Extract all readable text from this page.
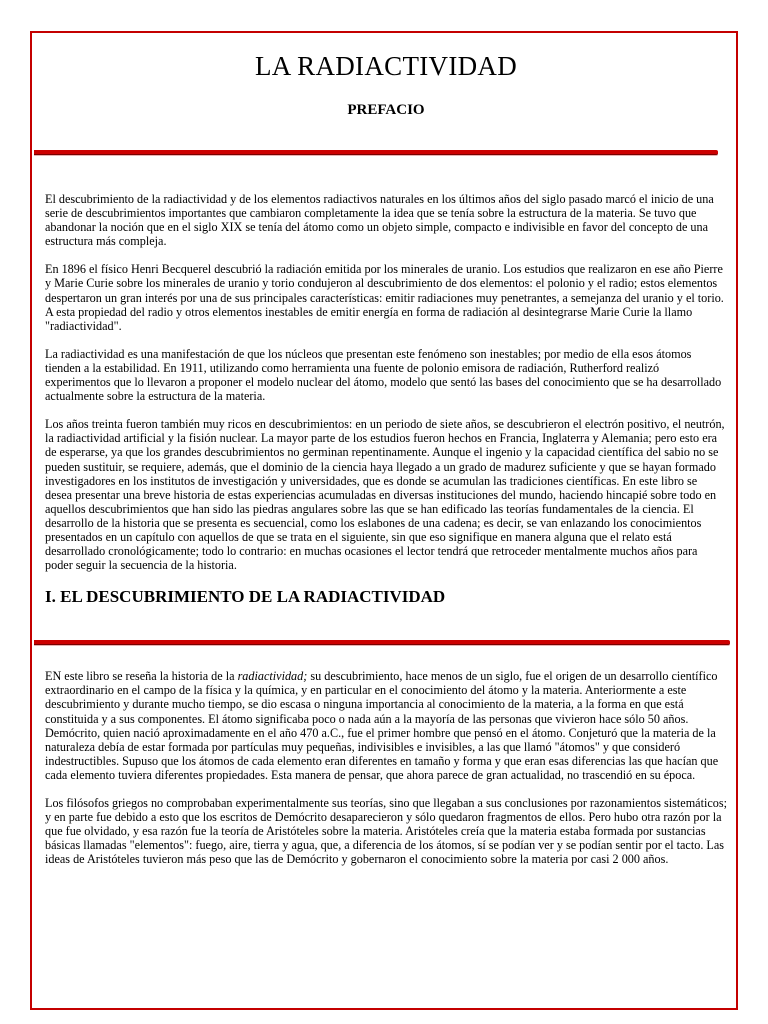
LA RADIACTIVIDAD
PREFACIO

El descubrimiento de la radiactividad y de los elementos radiactivos naturales en los últimos años del siglo pasado marcó el inicio de una serie de descubrimientos importantes que cambiaron completamente la idea que se tenía sobre la estructura de la materia. Se tuvo que abandonar la noción que en el siglo XIX se tenía del átomo como un objeto simple, compacto e indivisible en favor del concepto de una estructura más compleja.

En 1896 el físico Henri Becquerel descubrió la radiación emitida por los minerales de uranio. Los estudios que realizaron en ese año Pierre y Marie Curie sobre los minerales de uranio y torio condujeron al descubrimiento de dos elementos: el polonio y el radio; estos elementos despertaron un gran interés por una de sus principales características: emitir radiaciones muy penetrantes, a semejanza del uranio y el torio. A esta propiedad del radio y otros elementos inestables de emitir energía en forma de radiación al desintegrarse Marie Curie la llamo "radiactividad".

La radiactividad es una manifestación de que los núcleos que presentan este fenómeno son inestables; por medio de ella esos átomos tienden a la estabilidad. En 1911, utilizando como herramienta una fuente de polonio emisora de radiación, Rutherford realizó experimentos que lo llevaron a proponer el modelo nuclear del átomo, modelo que sentó las bases del conocimiento que se ha desarrollado actualmente sobre la estructura de la materia.

Los años treinta fueron también muy ricos en descubrimientos: en un periodo de siete años, se descubrieron el electrón positivo, el neutrón, la radiactividad artificial y la fisión nuclear. La mayor parte de los estudios fueron hechos en Francia, Inglaterra y Alemania; pero esto era de esperarse, ya que los grandes descubrimientos no germinan repentinamente. Aunque el ingenio y la capacidad científica del sabio no se pueden sustituir, se requiere, además, que el dominio de la ciencia haya llegado a un grado de madurez suficiente y que se hayan formado investigadores en los institutos de investigación y universidades, que es donde se acumulan las tradiciones científicas. En este libro se desea presentar una breve historia de estas experiencias acumuladas en diversas instituciones del mundo, haciendo hincapié sobre todo en aquellos descubrimientos que han sido las piedras angulares sobre las que se han edificado las teorías fundamentales de la ciencia. El desarrollo de la historia que se presenta es secuencial, como los eslabones de una cadena; es decir, se van enlazando los conocimientos presentados en un capítulo con aquellos de que se trata en el siguiente, sin que eso signifique en manera alguna que el relato está desarrollado cronológicamente; todo lo contrario: en muchas ocasiones el lector tendrá que retroceder mentalmente muchos años para poder seguir la secuencia de la historia.

I. EL DESCUBRIMIENTO DE LA RADIACTIVIDAD

EN este libro se reseña la historia de la radiactividad; su descubrimiento, hace menos de un siglo, fue el origen de un desarrollo científico extraordinario en el campo de la física y la química, y en particular en el conocimiento del átomo y la materia. Anteriormente a este descubrimiento y durante mucho tiempo, se dio escasa o ninguna importancia al conocimiento de la materia, a la forma en que está constituida y a sus componentes. El átomo significaba poco o nada aún a la mayoría de las personas que vivieron hace sólo 50 años. Demócrito, quien nació aproximadamente en el año 470 a.C., fue el primer hombre que pensó en el átomo. Conjeturó que la materia de la naturaleza debía de estar formada por partículas muy pequeñas, indivisibles e invisibles, a las que llamó "átomos" y que consideró indestructibles. Supuso que los átomos de cada elemento eran diferentes en tamaño y forma y que eran esas diferencias las que hacían que cada elemento tuviera diferentes propiedades. Esta manera de pensar, que ahora parece de gran actualidad, no trascendió en su época.

Los filósofos griegos no comprobaban experimentalmente sus teorías, sino que llegaban a sus conclusiones por razonamientos sistemáticos; y en parte fue debido a esto que los escritos de Demócrito desaparecieron y sólo quedaron fragmentos de ellos. Pero hubo otra razón por la que fue olvidado, y esa razón fue la teoría de Aristóteles sobre la materia. Aristóteles creía que la materia estaba formada por sustancias básicas llamadas "elementos": fuego, aire, tierra y agua, que, a diferencia de los átomos, sí se podían ver y se podían sentir por el tacto. Las ideas de Aristóteles tuvieron más peso que las de Demócrito y gobernaron el conocimiento sobre la materia por casi 2 000 años.
